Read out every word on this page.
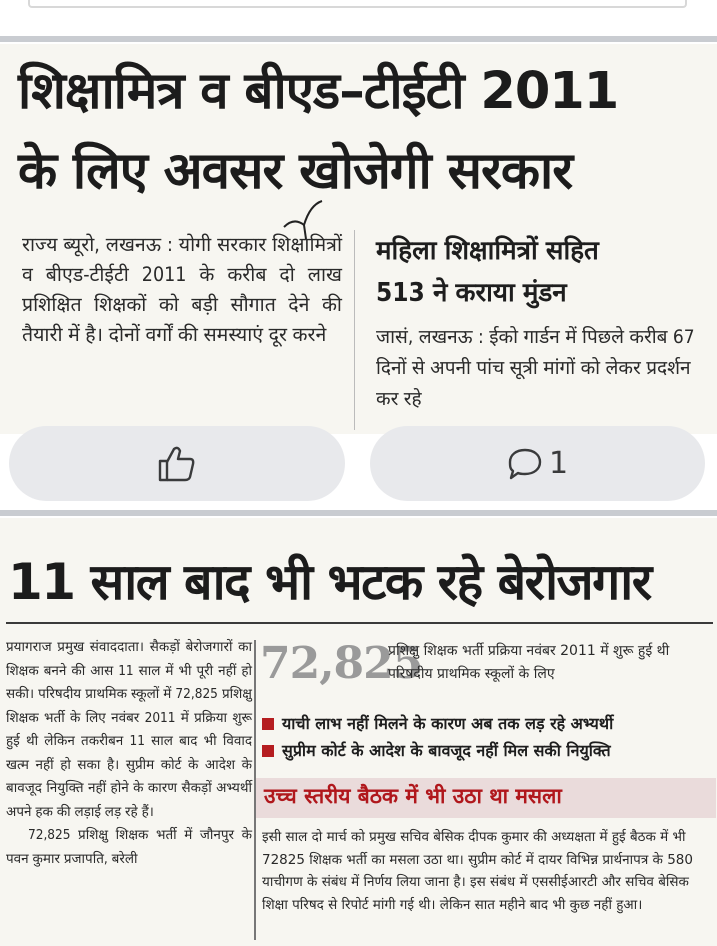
शिक्षामित्र व बीएड–टीईटी 2011
के लिए अवसर खोजेगी सरकार

राज्य ब्यूरो, लखनऊ : योगी सरकार शिक्षामित्रों व बीएड-टीईटी 2011 के करीब दो लाख प्रशिक्षित शिक्षकों को बड़ी सौगात देने की तैयारी में है। दोनों वर्गों की समस्याएं दूर करने

महिला शिक्षामित्रों सहित

513 ने कराया मुंडन

जासं, लखनऊ : ईको गार्डन में पिछले करीब 67 दिनों से अपनी पांच सूत्री मांगों को लेकर प्रदर्शन कर रहे

1
11 साल बाद भी भटक रहे बेरोजगार

प्रयागराज प्रमुख संवाददाता। सैकड़ों बेरोजगारों का शिक्षक बनने की आस 11 साल में भी पूरी नहीं हो सकी। परिषदीय प्राथमिक स्कूलों में 72,825 प्रशिक्षु शिक्षक भर्ती के लिए नवंबर 2011 में प्रक्रिया शुरू हुई थी लेकिन तकरीबन 11 साल बाद भी विवाद खत्म नहीं हो सका है। सुप्रीम कोर्ट के आदेश के बावजूद नियुक्ति नहीं होने के कारण सैकड़ों अभ्यर्थी अपने हक की लड़ाई लड़ रहे हैं।

72,825 प्रशिक्षु शिक्षक भर्ती में जौनपुर के पवन कुमार प्रजापति, बरेली

72,825
प्रशिक्षु शिक्षक भर्ती प्रक्रिया नवंबर 2011 में शुरू हुई थी परिषदीय प्राथमिक स्कूलों के लिए
याची लाभ नहीं मिलने के कारण अब तक लड़ रहे अभ्यर्थी
सुप्रीम कोर्ट के आदेश के बावजूद नहीं मिल सकी नियुक्ति
उच्च स्तरीय बैठक में भी उठा था मसला

इसी साल दो मार्च को प्रमुख सचिव बेसिक दीपक कुमार की अध्यक्षता में हुई बैठक में भी 72825 शिक्षक भर्ती का मसला उठा था। सुप्रीम कोर्ट में दायर विभिन्न प्रार्थनापत्र के 580 याचीगण के संबंध में निर्णय लिया जाना है। इस संबंध में एससीईआरटी और सचिव बेसिक शिक्षा परिषद से रिपोर्ट मांगी गई थी। लेकिन सात महीने बाद भी कुछ नहीं हुआ।
